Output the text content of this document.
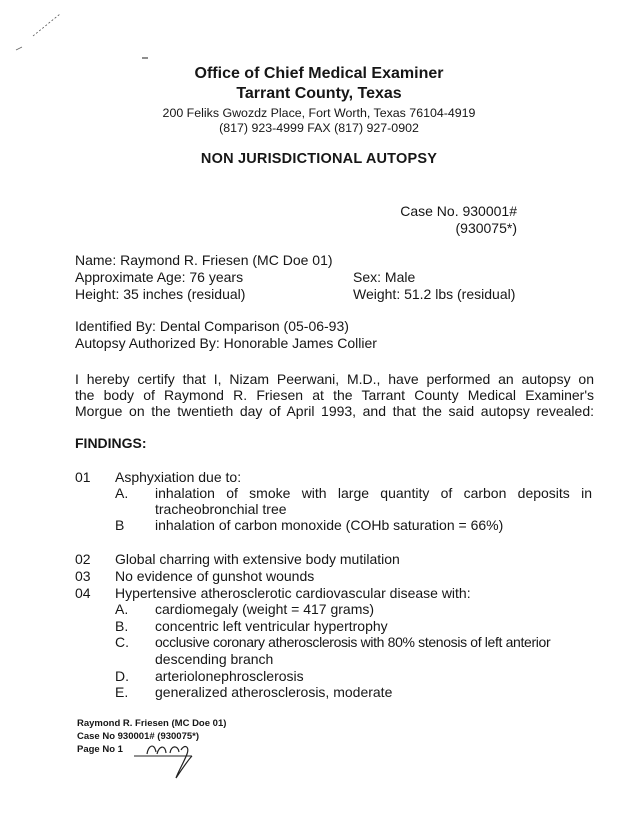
Office of Chief Medical Examiner
Tarrant County, Texas
200 Feliks Gwozdz Place, Fort Worth, Texas 76104-4919
(817) 923-4999 FAX (817) 927-0902
NON JURISDICTIONAL AUTOPSY
Case No. 930001#
(930075*)
Name: Raymond R. Friesen (MC Doe 01)
Approximate Age: 76 years	Sex: Male
Height: 35 inches (residual)	Weight: 51.2 lbs (residual)
Identified By: Dental Comparison (05-06-93)
Autopsy Authorized By: Honorable James Collier
I hereby certify that I, Nizam Peerwani, M.D., have performed an autopsy on
the body of Raymond R. Friesen at the Tarrant County Medical Examiner's
Morgue on the twentieth day of April 1993, and that the said autopsy revealed:
FINDINGS:
01 Asphyxiation due to:
A. inhalation of smoke with large quantity of carbon deposits in
tracheobronchial tree
B inhalation of carbon monoxide (COHb saturation = 66%)
02 Global charring with extensive body mutilation
03 No evidence of gunshot wounds
04 Hypertensive atherosclerotic cardiovascular disease with:
A. cardiomegaly (weight = 417 grams)
B. concentric left ventricular hypertrophy
C. occlusive coronary atherosclerosis with 80% stenosis of left anterior
descending branch
D. arteriolonephrosclerosis
E. generalized atherosclerosis, moderate
Raymond R. Friesen (MC Doe 01)
Case No 930001# (930075*)
Page No 1
